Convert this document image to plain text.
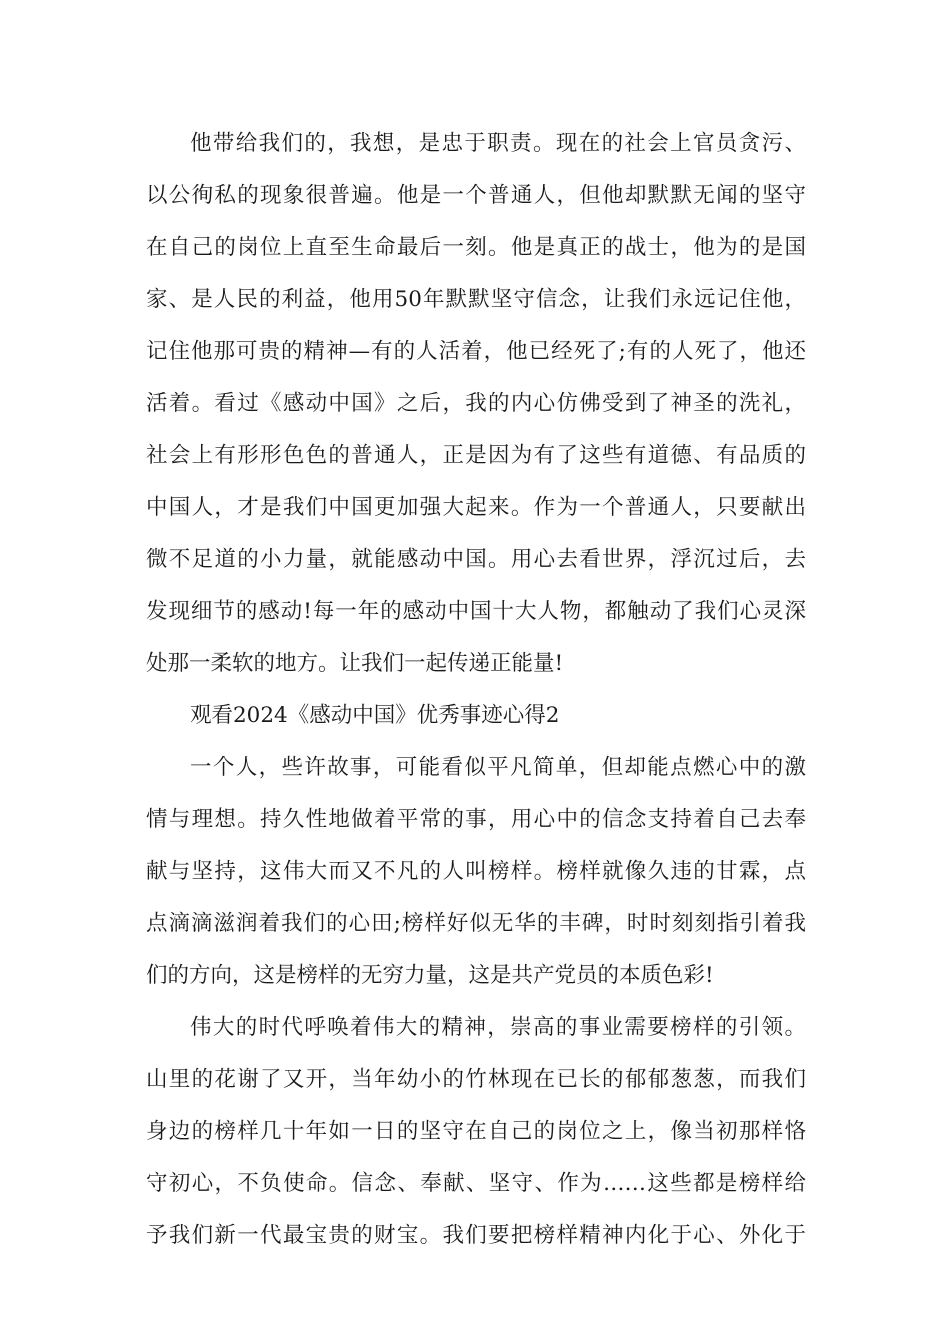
他带给我们的，我想，是忠于职责。现在的社会上官员贪污、
以公徇私的现象很普遍。他是一个普通人，但他却默默无闻的坚守
在自己的岗位上直至生命最后一刻。他是真正的战士，他为的是国
家、是人民的利益，他用50年默默坚守信念，让我们永远记住他，
记住他那可贵的精神—有的人活着，他已经死了;有的人死了，他还
活着。看过《感动中国》之后，我的内心仿佛受到了神圣的洗礼，
社会上有形形色色的普通人，正是因为有了这些有道德、有品质的
中国人，才是我们中国更加强大起来。作为一个普通人，只要献出
微不足道的小力量，就能感动中国。用心去看世界，浮沉过后，去
发现细节的感动!每一年的感动中国十大人物，都触动了我们心灵深
处那一柔软的地方。让我们一起传递正能量!
观看2024《感动中国》优秀事迹心得2
一个人，些许故事，可能看似平凡简单，但却能点燃心中的激
情与理想。持久性地做着平常的事，用心中的信念支持着自己去奉
献与坚持，这伟大而又不凡的人叫榜样。榜样就像久违的甘霖，点
点滴滴滋润着我们的心田;榜样好似无华的丰碑，时时刻刻指引着我
们的方向，这是榜样的无穷力量，这是共产党员的本质色彩!
伟大的时代呼唤着伟大的精神，崇高的事业需要榜样的引领。
山里的花谢了又开，当年幼小的竹林现在已长的郁郁葱葱，而我们
身边的榜样几十年如一日的坚守在自己的岗位之上，像当初那样恪
守初心，不负使命。信念、奉献、坚守、作为……这些都是榜样给
予我们新一代最宝贵的财宝。我们要把榜样精神内化于心、外化于
